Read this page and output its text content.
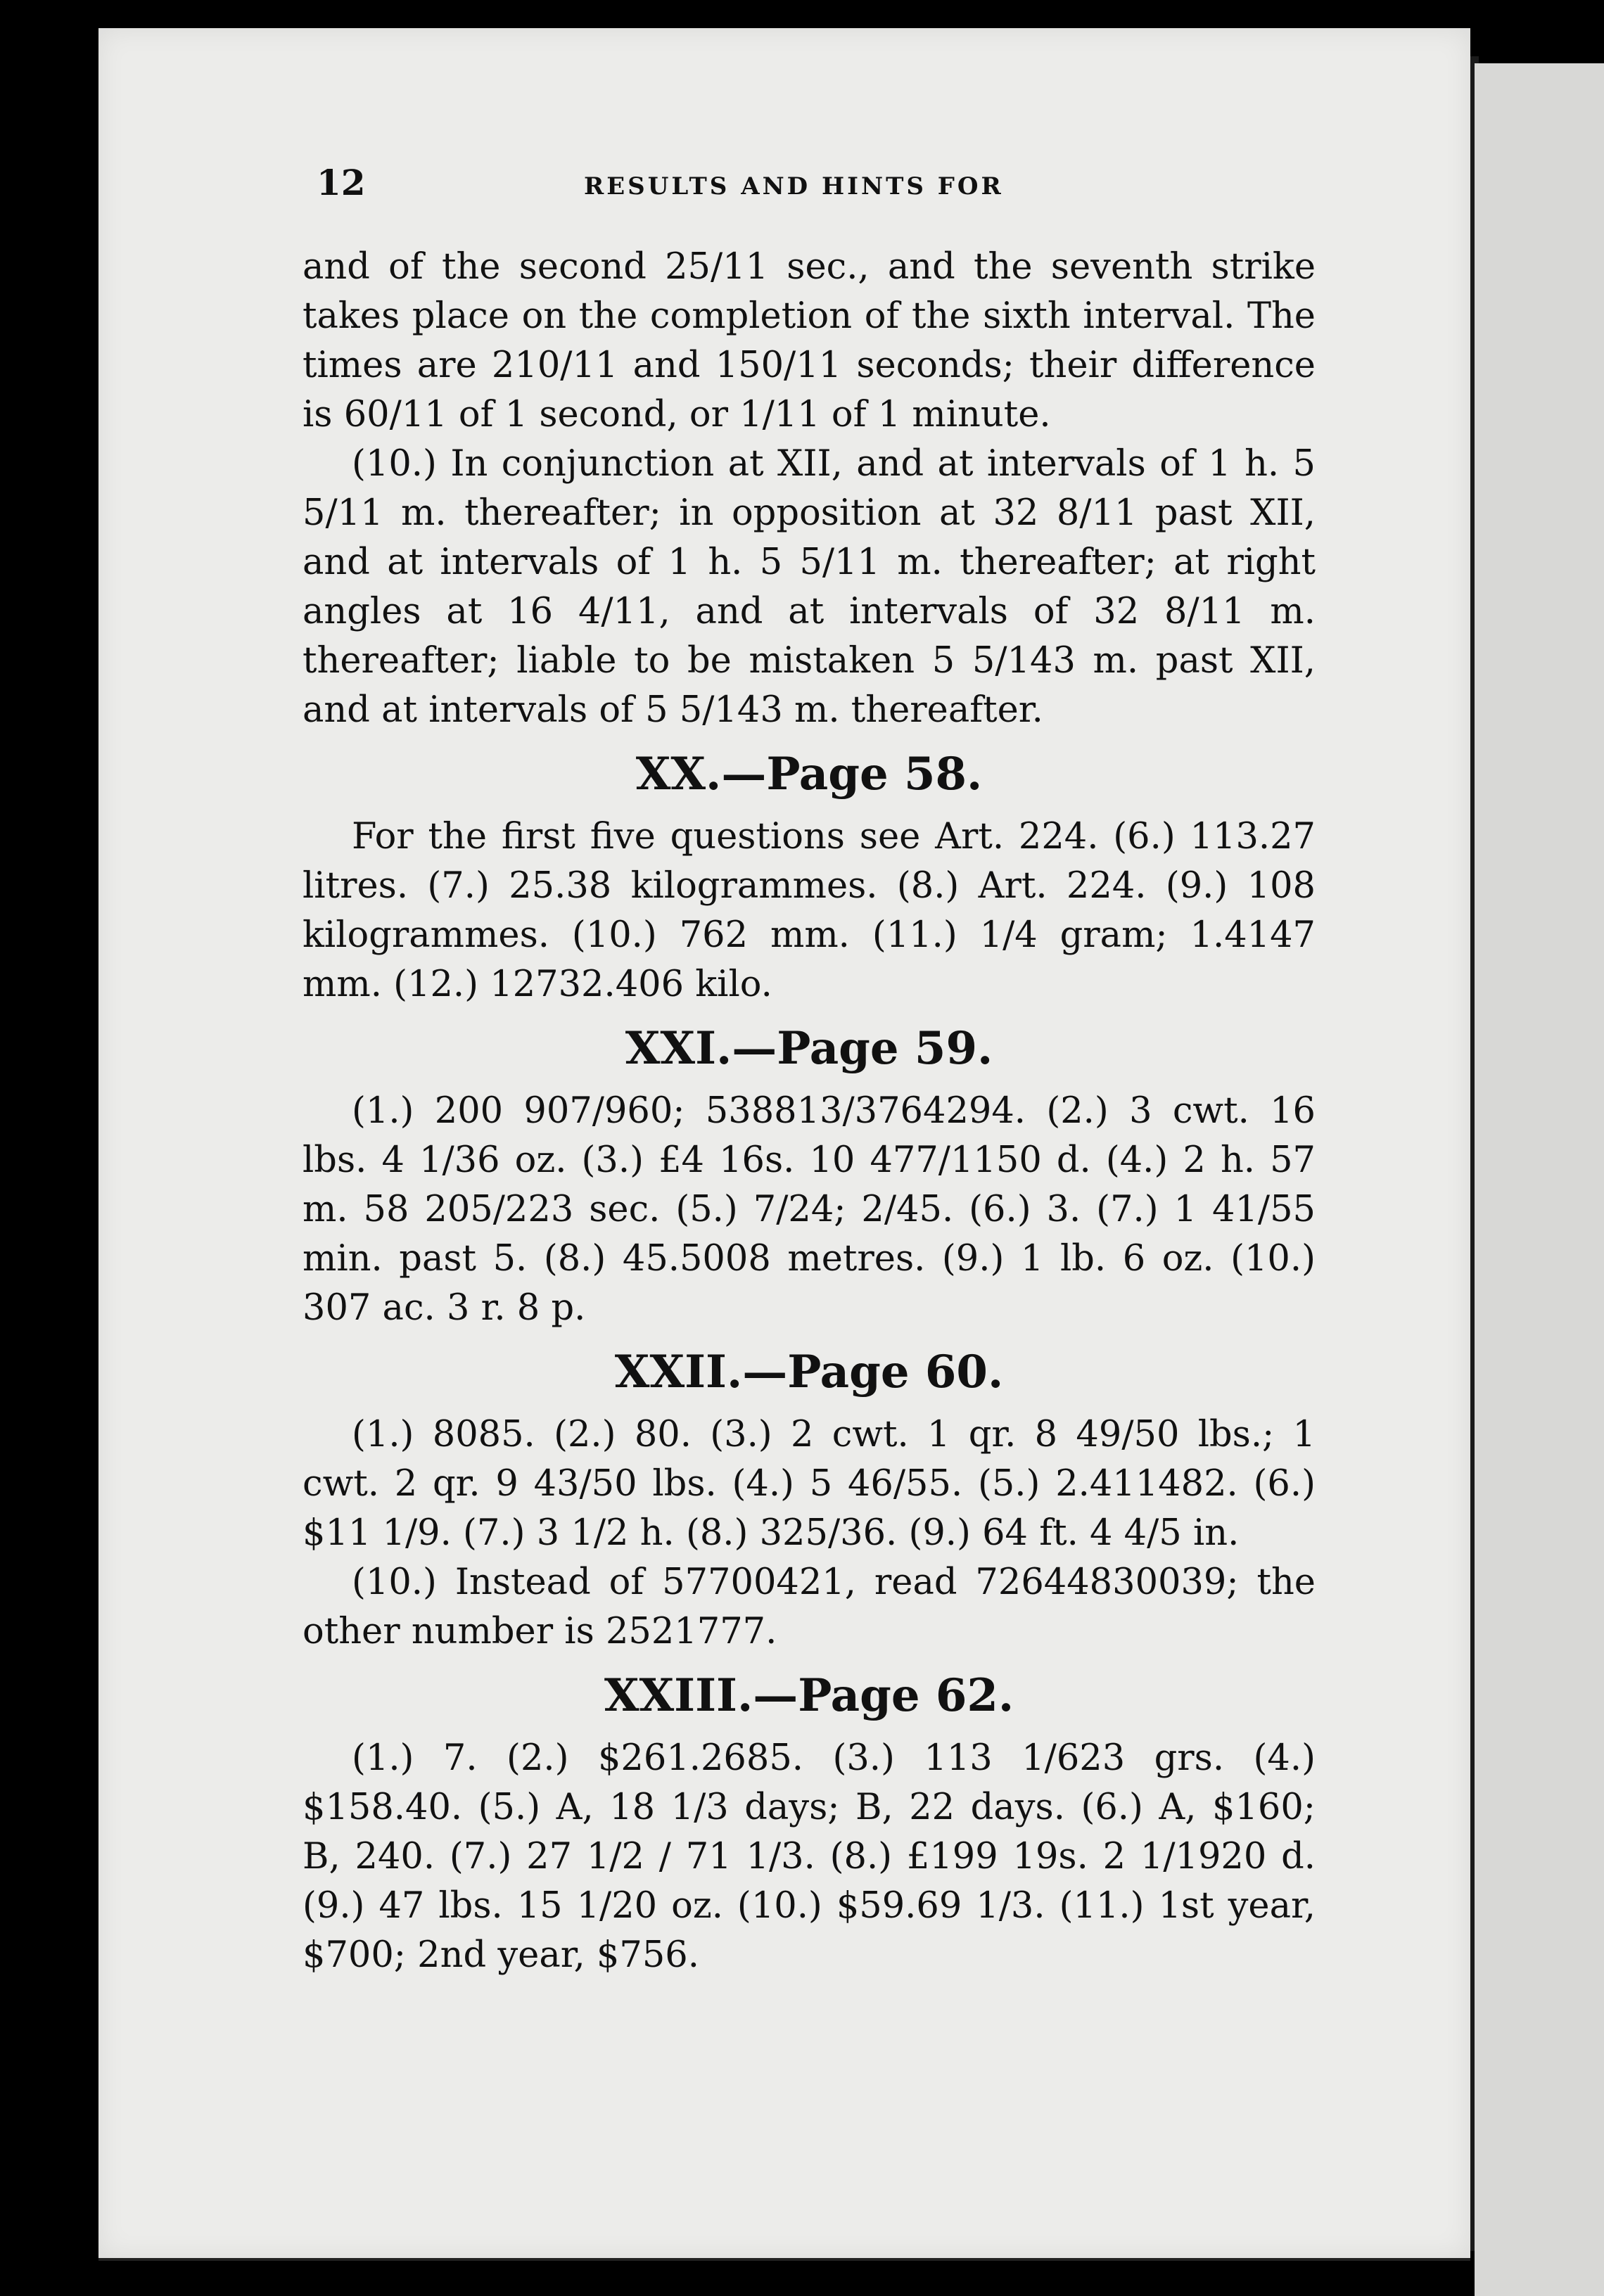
12	RESULTS AND HINTS FOR

and of the second 25/11 sec., and the seventh strike takes place on the completion of the sixth interval. The times are 210/11 and 150/11 seconds; their difference is 60/11 of 1 second, or 1/11 of 1 minute.

(10.) In conjunction at XII, and at intervals of 1 h. 5 5/11 m. thereafter; in opposition at 32 8/11 past XII, and at intervals of 1 h. 5 5/11 m. thereafter; at right angles at 16 4/11, and at intervals of 32 8/11 m. thereafter; liable to be mistaken 5 5/143 m. past XII, and at intervals of 5 5/143 m. thereafter.

XX.—Page 58.

For the first five questions see Art. 224. (6.) 113.27 litres. (7.) 25.38 kilogrammes. (8.) Art. 224. (9.) 108 kilogrammes. (10.) 762 mm. (11.) 1/4 gram; 1.4147 mm. (12.) 12732.406 kilo.

XXI.—Page 59.

(1.) 200 907/960; 538813/3764294. (2.) 3 cwt. 16 lbs. 4 1/36 oz. (3.) £4 16s. 10 477/1150 d. (4.) 2 h. 57 m. 58 205/223 sec. (5.) 7/24; 2/45. (6.) 3. (7.) 1 41/55 min. past 5. (8.) 45.5008 metres. (9.) 1 lb. 6 oz. (10.) 307 ac. 3 r. 8 p.

XXII.—Page 60.

(1.) 8085. (2.) 80. (3.) 2 cwt. 1 qr. 8 49/50 lbs.; 1 cwt. 2 qr. 9 43/50 lbs. (4.) 5 46/55. (5.) 2.411482. (6.) $11 1/9. (7.) 3 1/2 h. (8.) 325/36. (9.) 64 ft. 4 4/5 in.

(10.) Instead of 57700421, read 72644830039; the other number is 2521777.

XXIII.—Page 62.

(1.) 7. (2.) $261.2685. (3.) 113 1/623 grs. (4.) $158.40. (5.) A, 18 1/3 days; B, 22 days. (6.) A, $160; B, 240. (7.) 27 1/2 / 71 1/3. (8.) £199 19s. 2 1/1920 d. (9.) 47 lbs. 15 1/20 oz. (10.) $59.69 1/3. (11.) 1st year, $700; 2nd year, $756.
